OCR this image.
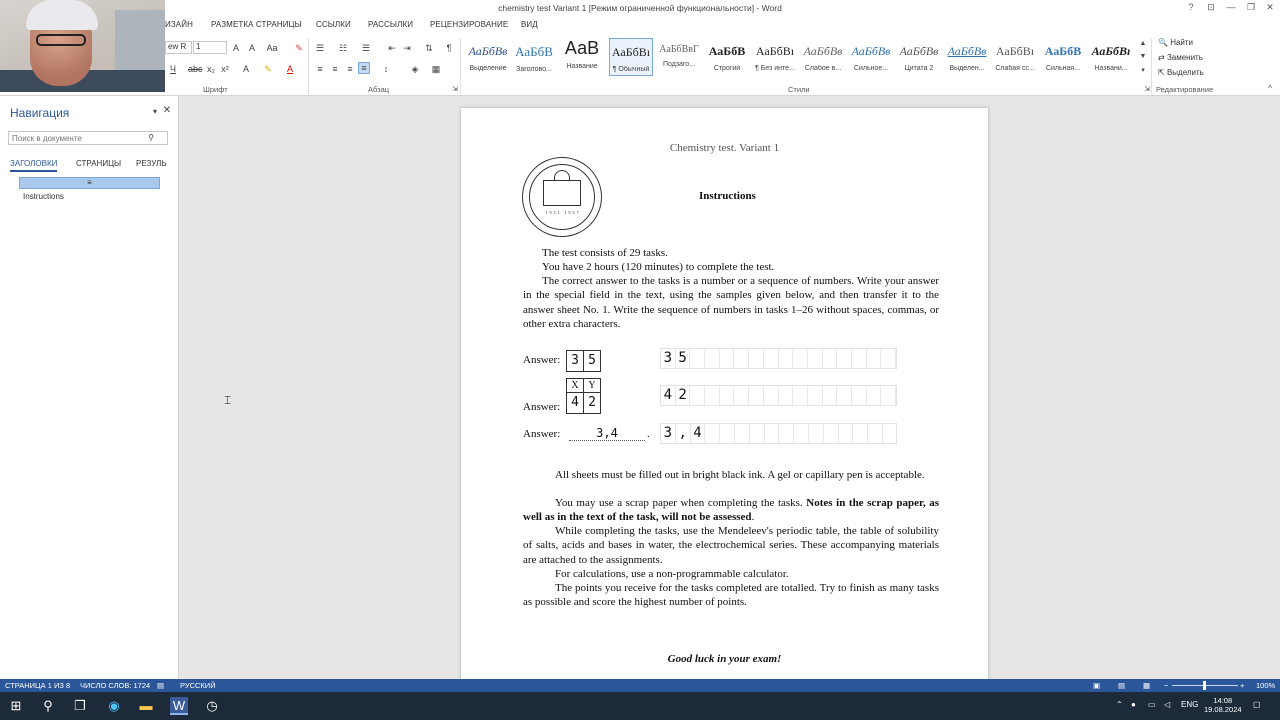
chemistry test Variant 1 [Режим ограниченной функциональности] - Word	?	⊡	—	❐	✕
ИЗАЙН РАЗМЕТКА СТРАНИЦЫ ССЫЛКИ РАССЫЛКИ РЕЦЕНЗИРОВАНИЕ ВИД
ew R	1	A	A	Aa ✎
Ч	abc x₂ x²	A	✎	A
Шрифт
☰ ☷ ☰ ⇤ ⇥ ⇅	¶
≡	≡	≡ ≡	↕	◈ ▦
Абзац	⇲
АаБбВв
Выделение
АаБбВ
Заголово...
АаВ
Название
АаБбВı
¶ Обычный
АаБбВвГ
Подзаго...
АаБбВ
Строгий
АаБбВı
¶ Без инте...
АаБбВв
Слабое в...
АаБбВв
Сильное...
АаБбВв
Цитата 2
АаБбВв
Выделен...
АаБбВı
Слабая сс...
АаБбВ
Сильная...
АаБбВı
Названи...
▲
▼
▾
Стили	⇲
🔍 Найти
⇄ Заменить
⇱ Выделить
Редактирование	^
Навигация	▾ ✕
Поиск в документе
⚲
ЗАГОЛОВКИ СТРАНИЦЫ РЕЗУЛЬ
≡
Instructions
⌶
Chemistry test. Variant 1
1931 1957
Instructions
The test consists of 29 tasks.
You have 2 hours (120 minutes) to complete the test.
The correct answer to the tasks is a number or a sequence of numbers. Write your answer in the special field in the text, using the samples given below, and then transfer it to the answer sheet No. 1. Write the sequence of numbers in tasks 1–26 without spaces, commas, or other extra characters.
Answer: 3 5
X Y
4 2
Answer:
Answer:	3,4	.
3 5
4 2
3 , 4
All sheets must be filled out in bright black ink. A gel or capillary pen is acceptable.
You may use a scrap paper when completing the tasks. Notes in the scrap paper, as well as in the text of the task, will not be assessed.
While completing the tasks, use the Mendeleev's periodic table, the table of solubility of salts, acids and bases in water, the electrochemical series. These accompanying materials are attached to the assignments.
For calculations, use a non-programmable calculator.
The points you receive for the tasks completed are totalled. Try to finish as many tasks as possible and score the highest number of points.
Good luck in your exam!
СТРАНИЦА 1 ИЗ 8 ЧИСЛО СЛОВ: 1724 ▤ РУССКИЙ	▣ ▤ ▦ −	+ 100%
⊞	⚲	❐ ◉ ▬ W ◷	⌃ ● ▭ ◁ ENG	14:08
19.08.2024
▢
